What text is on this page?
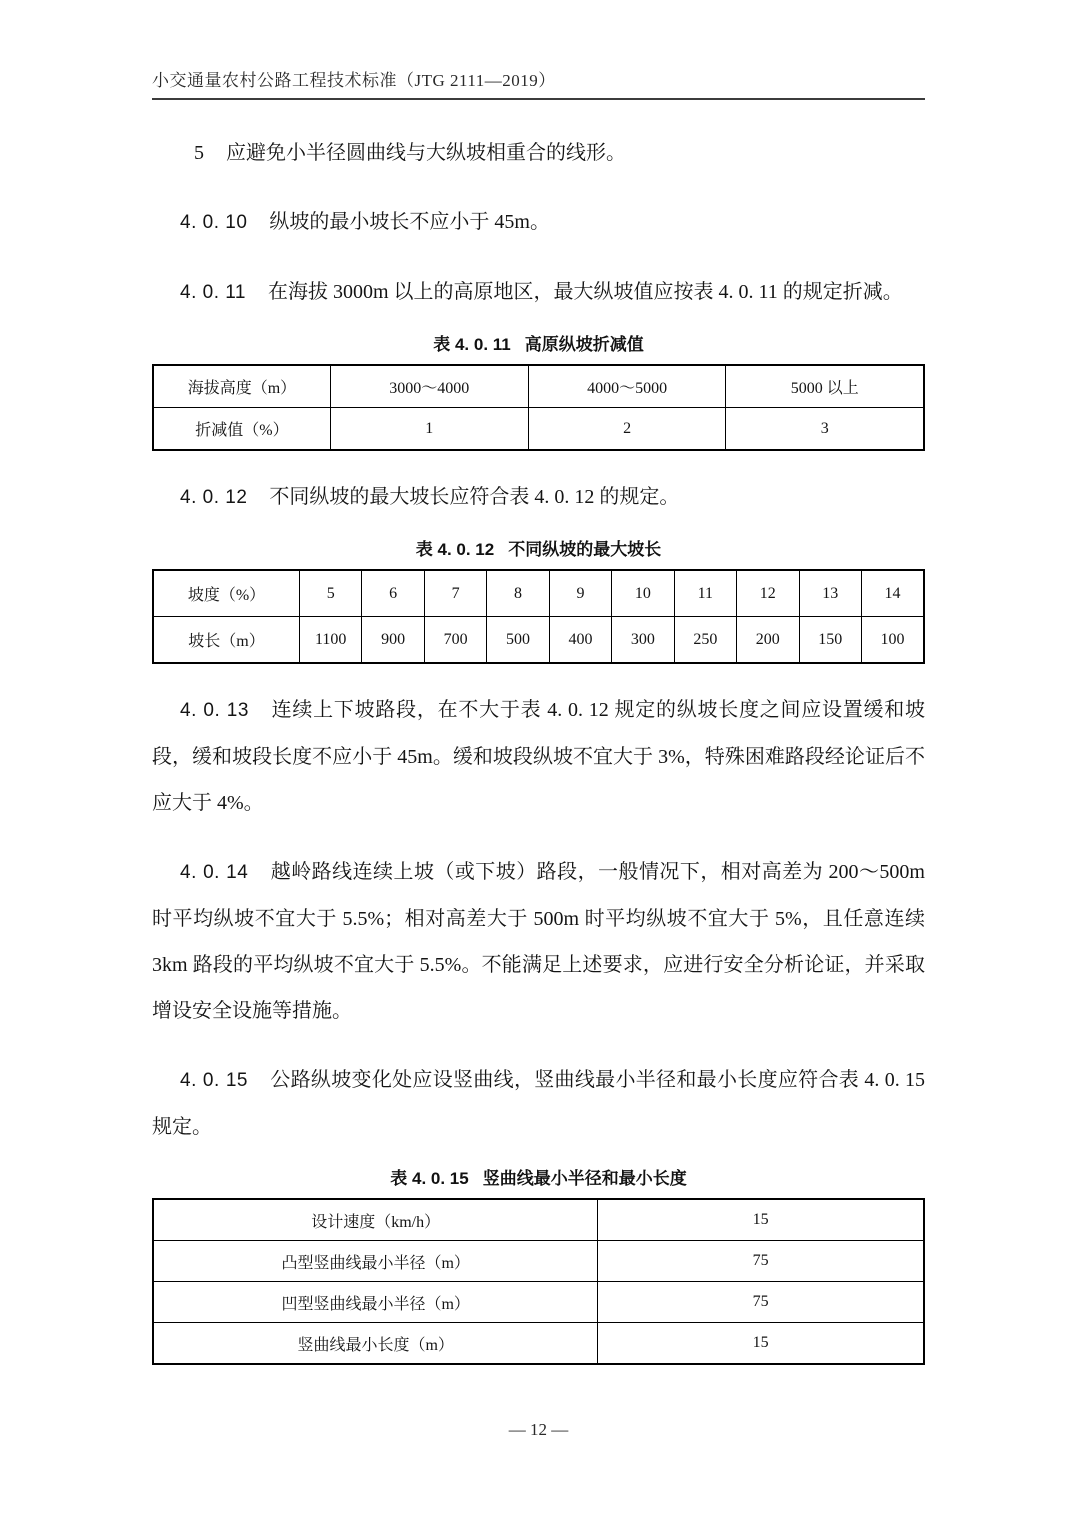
小交通量农村公路工程技术标准（JTG 2111—2019）

5 应避免小半径圆曲线与大纵坡相重合的线形。

4. 0. 10 纵坡的最小坡长不应小于 45m。

4. 0. 11 在海拔 3000m 以上的高原地区，最大纵坡值应按表 4. 0. 11 的规定折减。

表 4. 0. 11 高原纵坡折减值
海拔高度（m）	3000～4000	4000～5000	5000 以上
折减值（%）	1	2	3

4. 0. 12 不同纵坡的最大坡长应符合表 4. 0. 12 的规定。

表 4. 0. 12 不同纵坡的最大坡长
坡度（%）	5	6	7	8	9	10	11	12	13	14
坡长（m）	1100	900	700	500	400	300	250	200	150	100

4. 0. 13 连续上下坡路段，在不大于表 4. 0. 12 规定的纵坡长度之间应设置缓和坡段，缓和坡段长度不应小于 45m。缓和坡段纵坡不宜大于 3%，特殊困难路段经论证后不应大于 4%。

4. 0. 14 越岭路线连续上坡（或下坡）路段，一般情况下，相对高差为 200～500m 时平均纵坡不宜大于 5.5%；相对高差大于 500m 时平均纵坡不宜大于 5%，且任意连续 3km 路段的平均纵坡不宜大于 5.5%。不能满足上述要求，应进行安全分析论证，并采取增设安全设施等措施。

4. 0. 15 公路纵坡变化处应设竖曲线，竖曲线最小半径和最小长度应符合表 4. 0. 15 规定。

表 4. 0. 15 竖曲线最小半径和最小长度
设计速度（km/h）	15
凸型竖曲线最小半径（m）	75
凹型竖曲线最小半径（m）	75
竖曲线最小长度（m）	15
— 12 —
